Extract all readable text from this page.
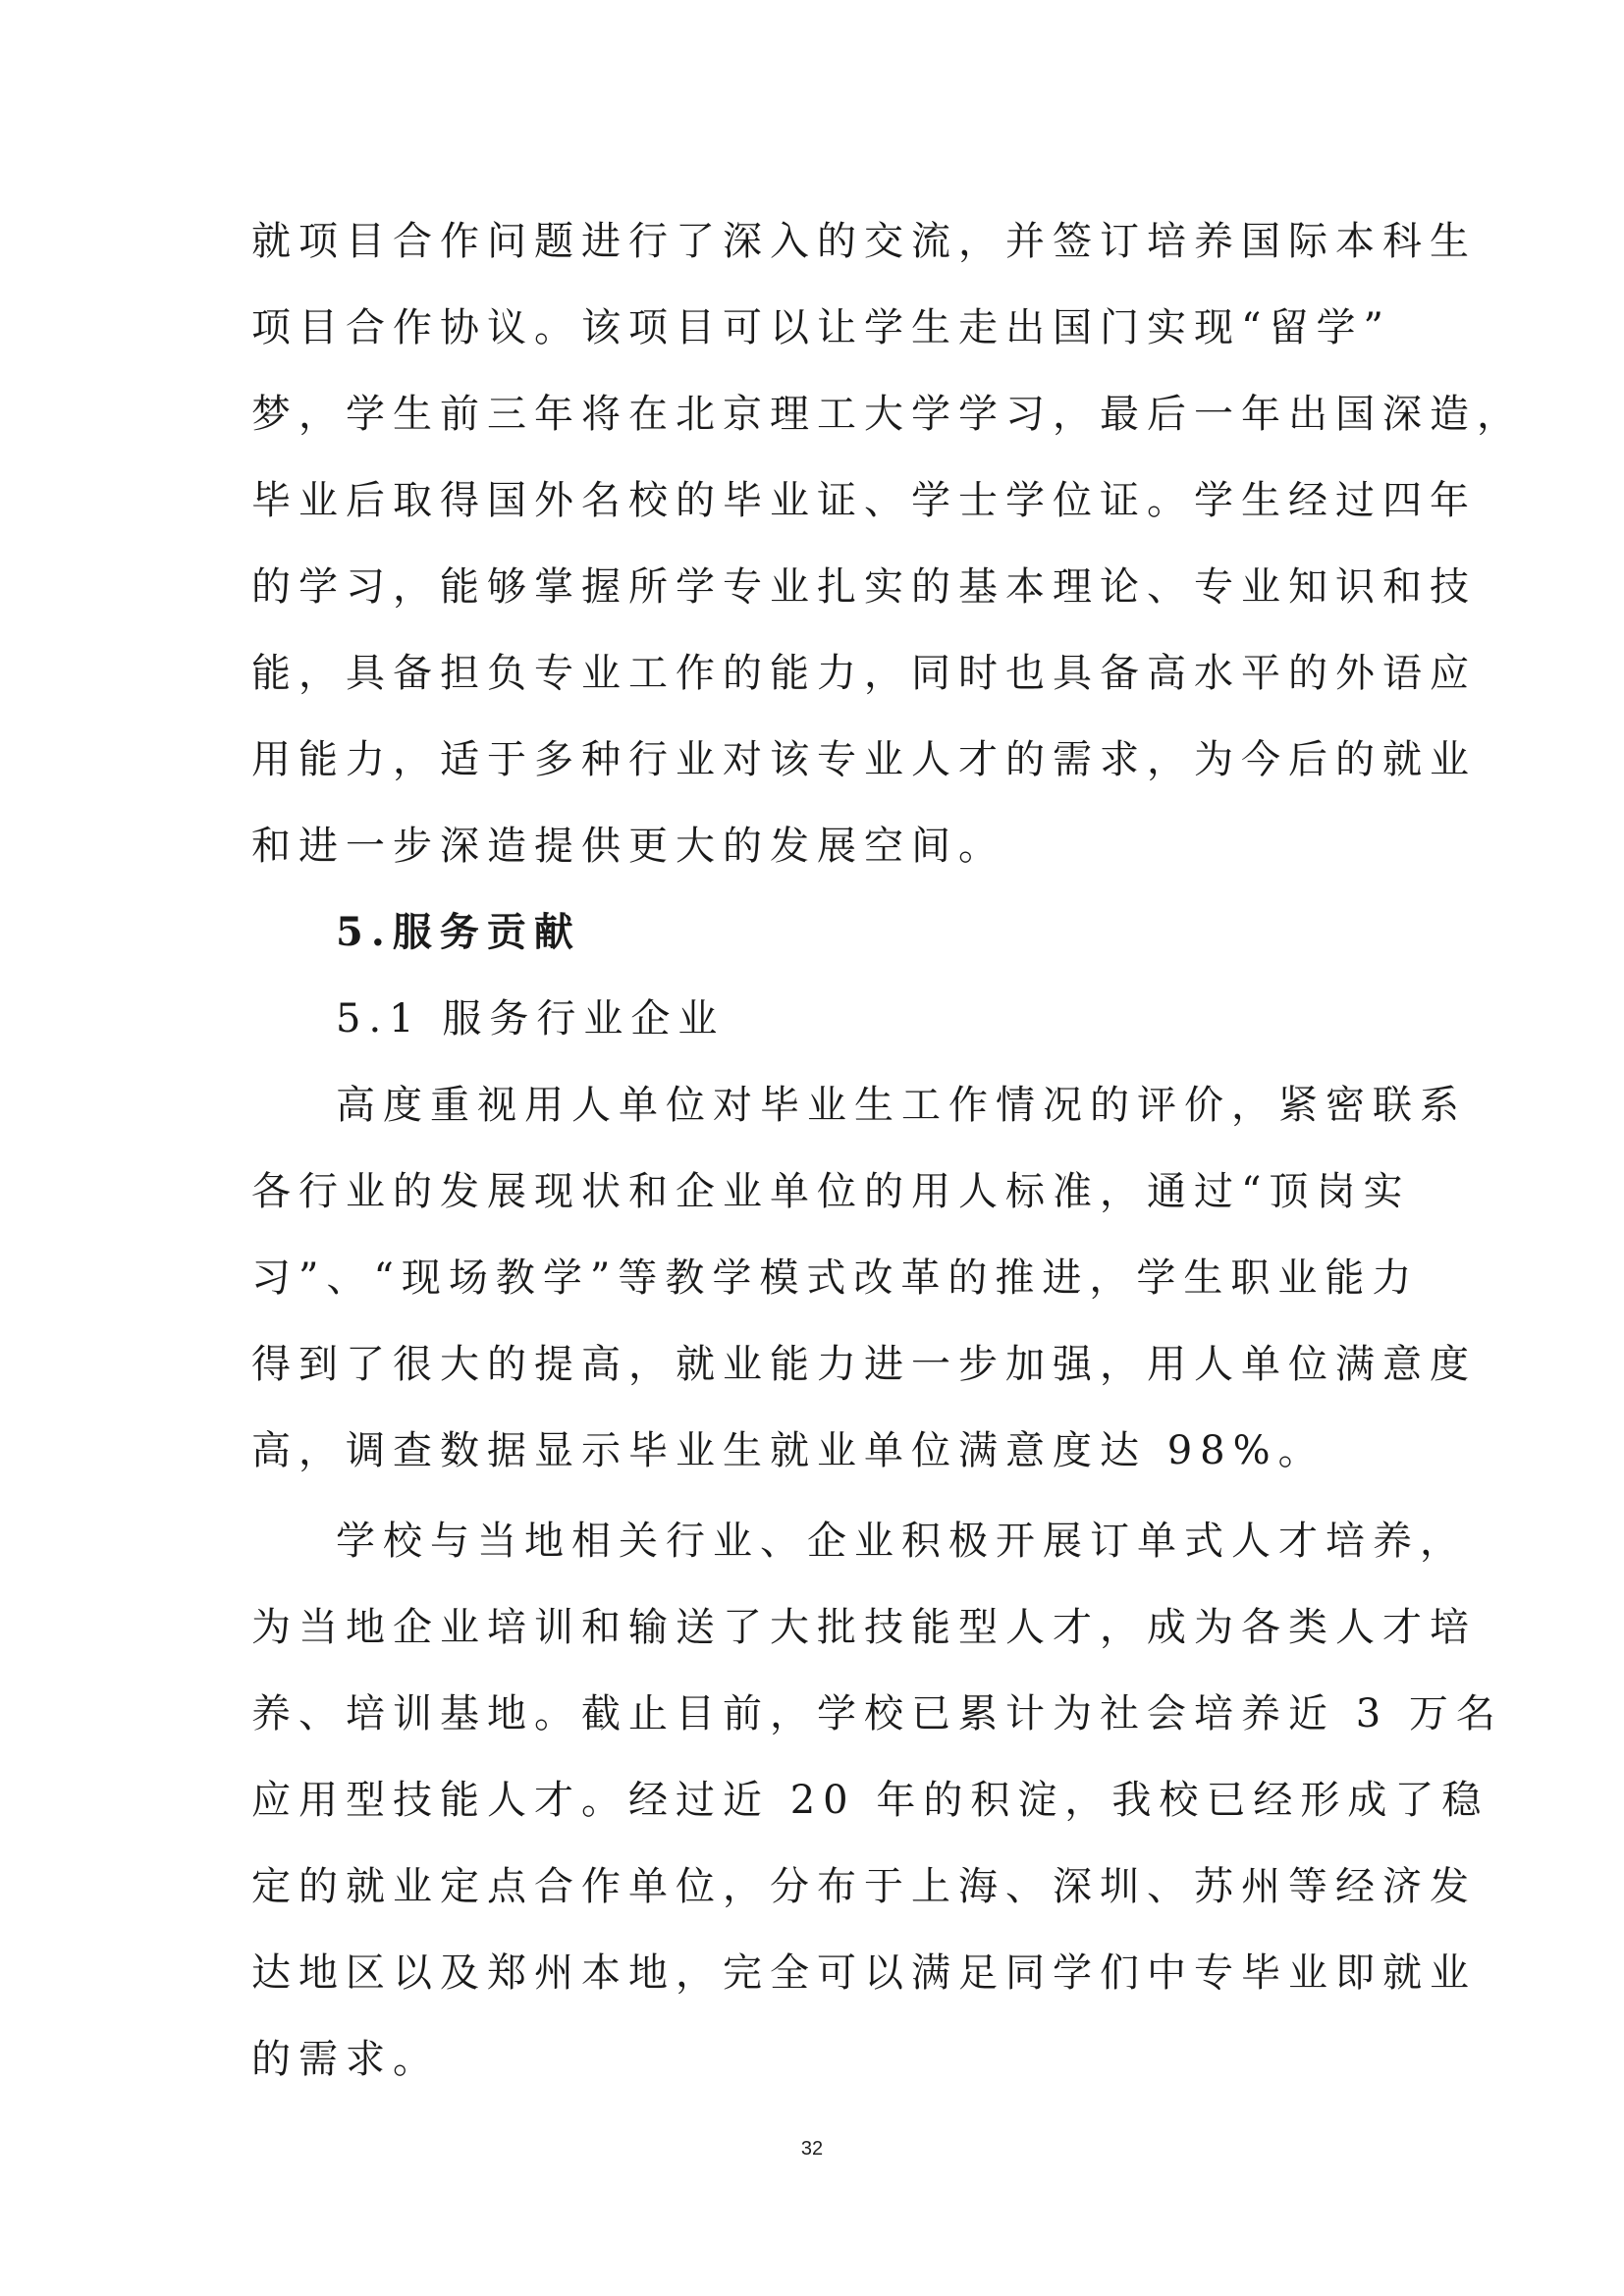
就项目合作问题进行了深入的交流，并签订培养国际本科生
项目合作协议。该项目可以让学生走出国门实现“留学”
梦，学生前三年将在北京理工大学学习，最后一年出国深造，
毕业后取得国外名校的毕业证、学士学位证。学生经过四年
的学习，能够掌握所学专业扎实的基本理论、专业知识和技
能，具备担负专业工作的能力，同时也具备高水平的外语应
用能力，适于多种行业对该专业人才的需求，为今后的就业
和进一步深造提供更大的发展空间。
5.服务贡献
5.1 服务行业企业
高度重视用人单位对毕业生工作情况的评价，紧密联系
各行业的发展现状和企业单位的用人标准，通过“顶岗实
习”、“现场教学”等教学模式改革的推进，学生职业能力
得到了很大的提高，就业能力进一步加强，用人单位满意度
高，调查数据显示毕业生就业单位满意度达 98%。
学校与当地相关行业、企业积极开展订单式人才培养，
为当地企业培训和输送了大批技能型人才，成为各类人才培
养、培训基地。截止目前，学校已累计为社会培养近 3 万名
应用型技能人才。经过近 20 年的积淀，我校已经形成了稳
定的就业定点合作单位，分布于上海、深圳、苏州等经济发
达地区以及郑州本地，完全可以满足同学们中专毕业即就业
的需求。
32
